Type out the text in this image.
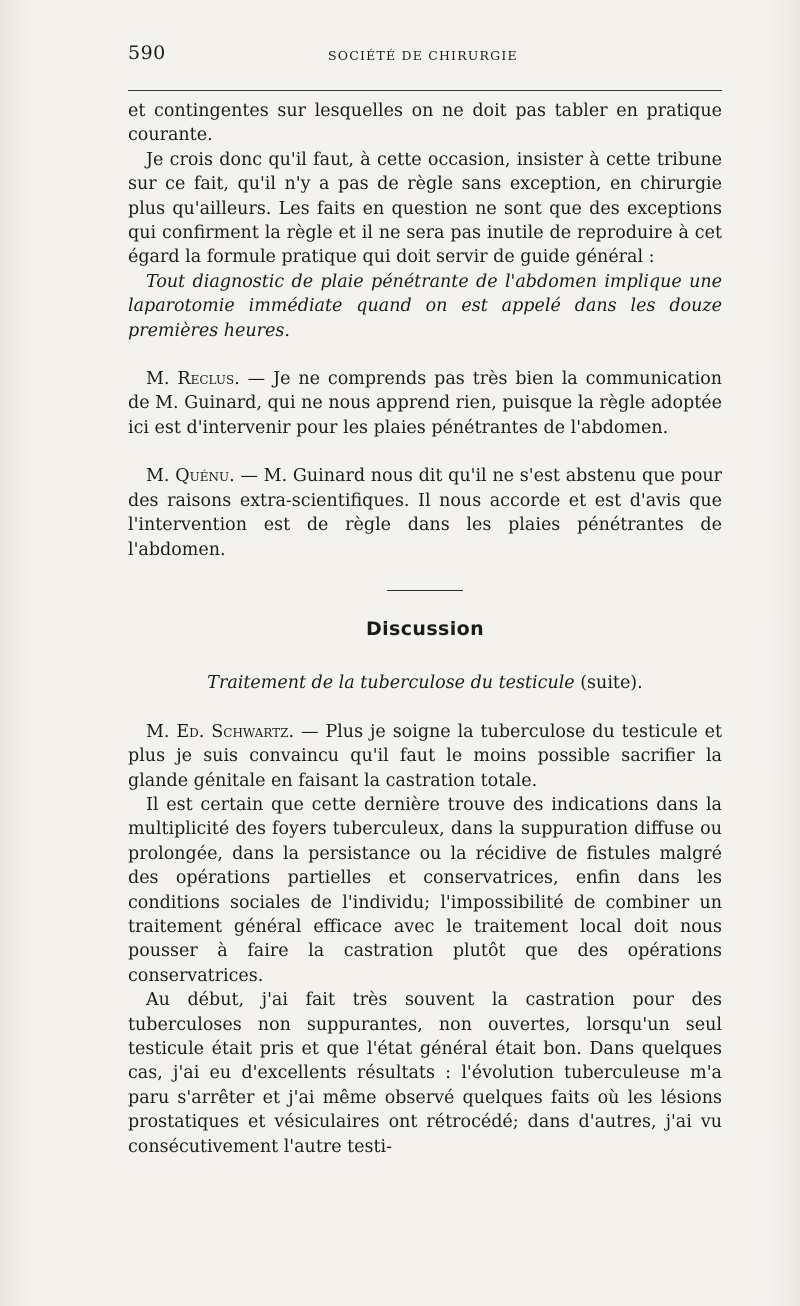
590	SOCIÉTÉ DE CHIRURGIE

et contingentes sur lesquelles on ne doit pas tabler en pratique courante.

Je crois donc qu'il faut, à cette occasion, insister à cette tribune sur ce fait, qu'il n'y a pas de règle sans exception, en chirurgie plus qu'ailleurs. Les faits en question ne sont que des exceptions qui confirment la règle et il ne sera pas inutile de reproduire à cet égard la formule pratique qui doit servir de guide général :

Tout diagnostic de plaie pénétrante de l'abdomen implique une laparotomie immédiate quand on est appelé dans les douze premières heures.

M. Reclus. — Je ne comprends pas très bien la communication de M. Guinard, qui ne nous apprend rien, puisque la règle adoptée ici est d'intervenir pour les plaies pénétrantes de l'abdomen.

M. Quénu. — M. Guinard nous dit qu'il ne s'est abstenu que pour des raisons extra-scientifiques. Il nous accorde et est d'avis que l'intervention est de règle dans les plaies pénétrantes de l'abdomen.

Discussion

Traitement de la tuberculose du testicule (suite).

M. Ed. Schwartz. — Plus je soigne la tuberculose du testicule et plus je suis convaincu qu'il faut le moins possible sacrifier la glande génitale en faisant la castration totale.

Il est certain que cette dernière trouve des indications dans la multiplicité des foyers tuberculeux, dans la suppuration diffuse ou prolongée, dans la persistance ou la récidive de fistules malgré des opérations partielles et conservatrices, enfin dans les conditions sociales de l'individu; l'impossibilité de combiner un traitement général efficace avec le traitement local doit nous pousser à faire la castration plutôt que des opérations conservatrices.

Au début, j'ai fait très souvent la castration pour des tuberculoses non suppurantes, non ouvertes, lorsqu'un seul testicule était pris et que l'état général était bon. Dans quelques cas, j'ai eu d'excellents résultats : l'évolution tuberculeuse m'a paru s'arrêter et j'ai même observé quelques faits où les lésions prostatiques et vésiculaires ont rétrocédé; dans d'autres, j'ai vu consécutivement l'autre testi-
